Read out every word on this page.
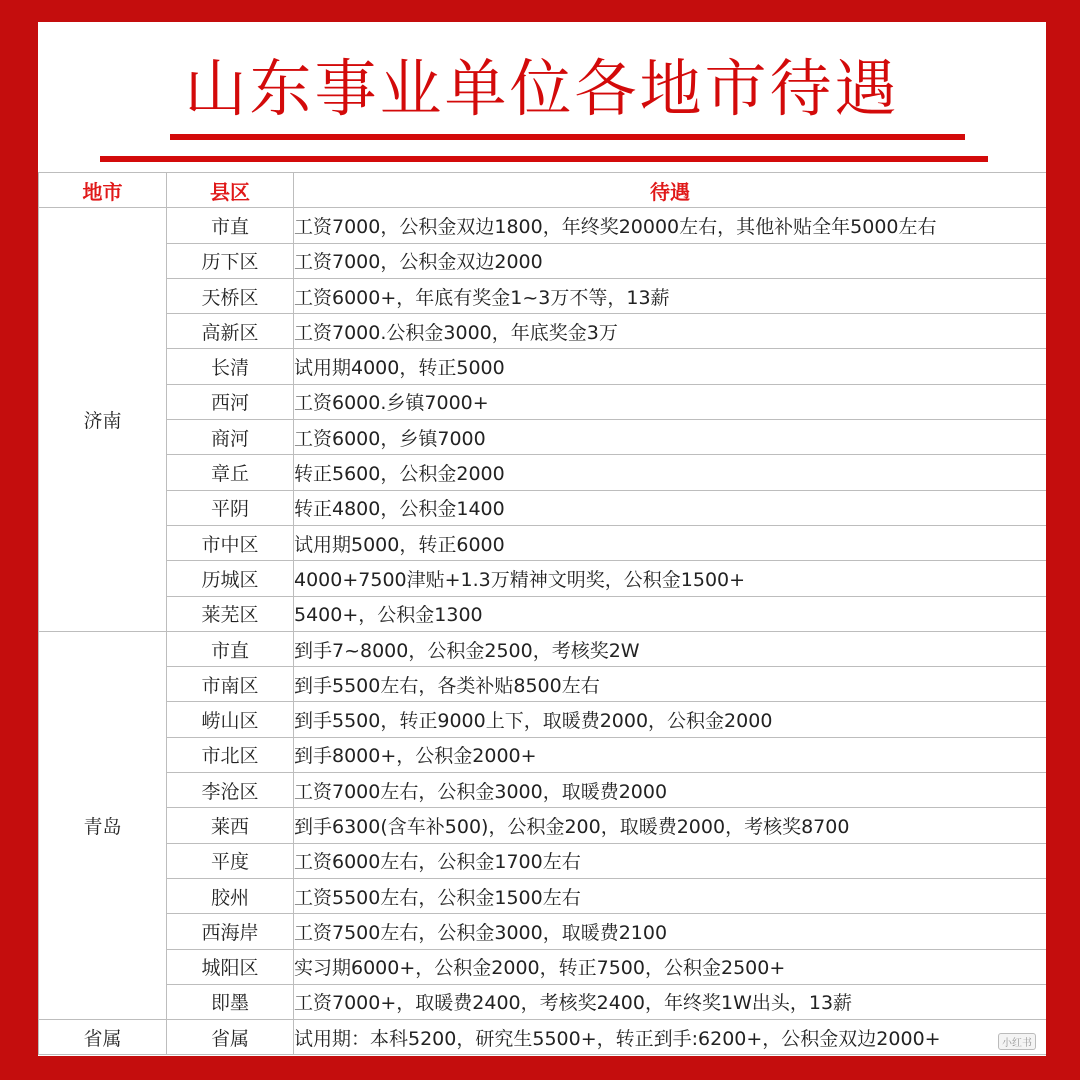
山东事业单位各地市待遇
地市	县区	待遇
济南	市直	工资7000，公积金双边1800，年终奖20000左右，其他补贴全年5000左右
	历下区	工资7000，公积金双边2000
	天桥区	工资6000+，年底有奖金1~3万不等，13薪
	高新区	工资7000.公积金3000，年底奖金3万
	长清	试用期4000，转正5000
	西河	工资6000.乡镇7000+
	商河	工资6000，乡镇7000
	章丘	转正5600，公积金2000
	平阴	转正4800，公积金1400
	市中区	试用期5000，转正6000
	历城区	4000+7500津贴+1.3万精神文明奖，公积金1500+
	莱芜区	5400+，公积金1300
青岛	市直	到手7~8000，公积金2500，考核奖2W
	市南区	到手5500左右，各类补贴8500左右
	崂山区	到手5500，转正9000上下，取暖费2000，公积金2000
	市北区	到手8000+，公积金2000+
	李沧区	工资7000左右，公积金3000，取暖费2000
	莱西	到手6300(含车补500)，公积金200，取暖费2000，考核奖8700
	平度	工资6000左右，公积金1700左右
	胶州	工资5500左右，公积金1500左右
	西海岸	工资7500左右，公积金3000，取暖费2100
	城阳区	实习期6000+，公积金2000，转正7500，公积金2500+
	即墨	工资7000+，取暖费2400，考核奖2400，年终奖1W出头，13薪
省属	省属	试用期：本科5200，研究生5500+，转正到手:6200+，公积金双边2000+	小红书
